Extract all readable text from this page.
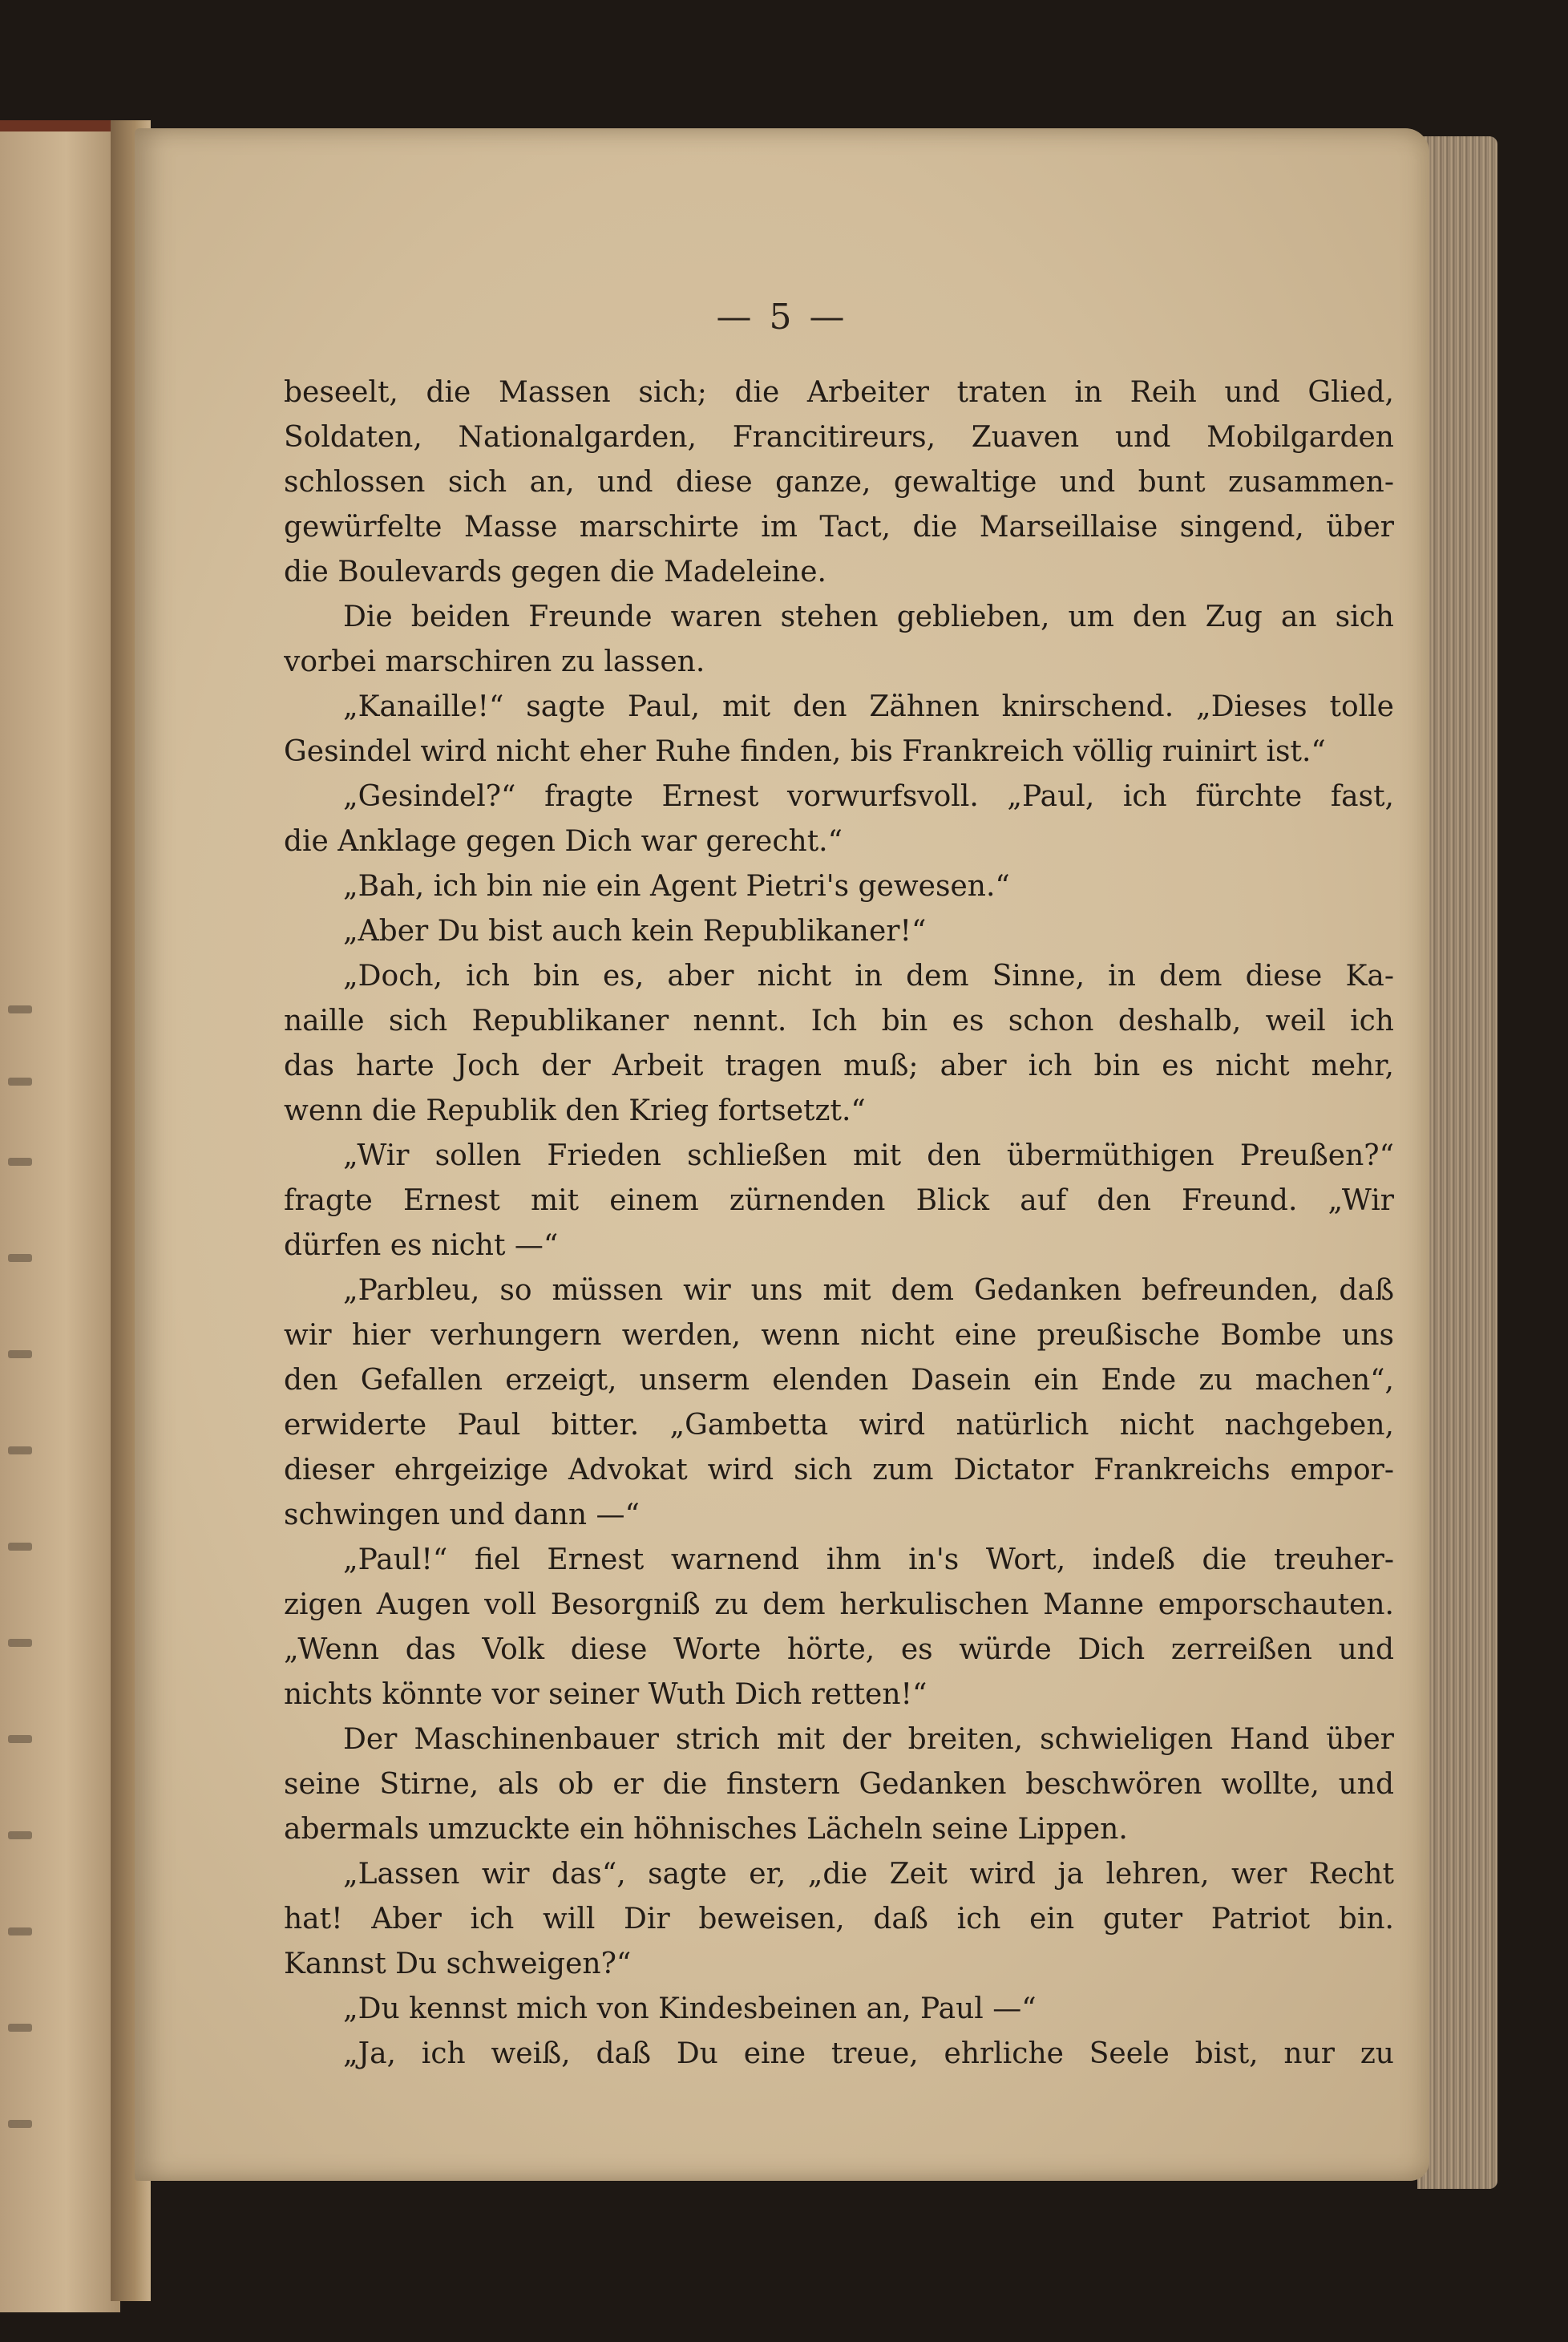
— 5 —
beseelt, die Massen sich; die Arbeiter traten in Reih und Glied,
Soldaten, Nationalgarden, Francitireurs, Zuaven und Mobilgarden
schlossen sich an, und diese ganze, gewaltige und bunt zusammen-
gewürfelte Masse marschirte im Tact, die Marseillaise singend, über
die Boulevards gegen die Madeleine.
Die beiden Freunde waren stehen geblieben, um den Zug an sich
vorbei marschiren zu lassen.
„Kanaille!“ sagte Paul, mit den Zähnen knirschend. „Dieses tolle
Gesindel wird nicht eher Ruhe finden, bis Frankreich völlig ruinirt ist.“
„Gesindel?“ fragte Ernest vorwurfsvoll. „Paul, ich fürchte fast,
die Anklage gegen Dich war gerecht.“
„Bah, ich bin nie ein Agent Pietri's gewesen.“
„Aber Du bist auch kein Republikaner!“
„Doch, ich bin es, aber nicht in dem Sinne, in dem diese Ka-
naille sich Republikaner nennt. Ich bin es schon deshalb, weil ich
das harte Joch der Arbeit tragen muß; aber ich bin es nicht mehr,
wenn die Republik den Krieg fortsetzt.“
„Wir sollen Frieden schließen mit den übermüthigen Preußen?“
fragte Ernest mit einem zürnenden Blick auf den Freund. „Wir
dürfen es nicht —“
„Parbleu, so müssen wir uns mit dem Gedanken befreunden, daß
wir hier verhungern werden, wenn nicht eine preußische Bombe uns
den Gefallen erzeigt, unserm elenden Dasein ein Ende zu machen“,
erwiderte Paul bitter. „Gambetta wird natürlich nicht nachgeben,
dieser ehrgeizige Advokat wird sich zum Dictator Frankreichs empor-
schwingen und dann —“
„Paul!“ fiel Ernest warnend ihm in's Wort, indeß die treuher-
zigen Augen voll Besorgniß zu dem herkulischen Manne emporschauten.
„Wenn das Volk diese Worte hörte, es würde Dich zerreißen und
nichts könnte vor seiner Wuth Dich retten!“
Der Maschinenbauer strich mit der breiten, schwieligen Hand über
seine Stirne, als ob er die finstern Gedanken beschwören wollte, und
abermals umzuckte ein höhnisches Lächeln seine Lippen.
„Lassen wir das“, sagte er, „die Zeit wird ja lehren, wer Recht
hat! Aber ich will Dir beweisen, daß ich ein guter Patriot bin.
Kannst Du schweigen?“
„Du kennst mich von Kindesbeinen an, Paul —“
„Ja, ich weiß, daß Du eine treue, ehrliche Seele bist, nur zu
